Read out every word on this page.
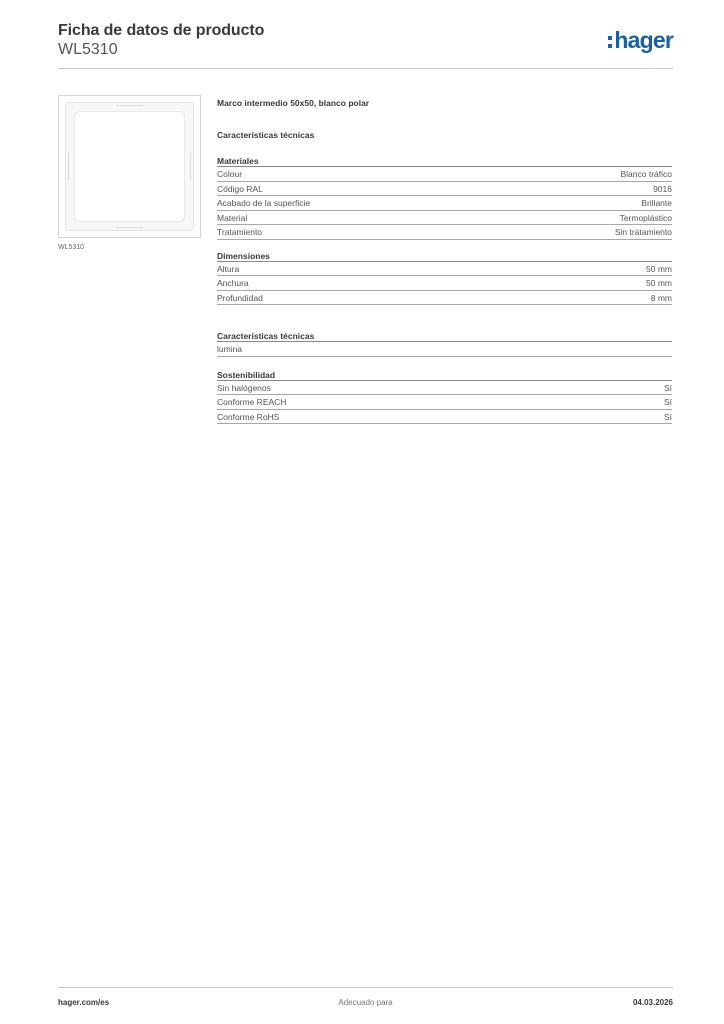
Ficha de datos de producto
WL5310	hager
WL5310
Marco intermedio 50x50, blanco polar
Características técnicas
Materiales
Colour	Blanco tráfico
Código RAL	9016
Acabado de la superficie	Brillante
Material	Termoplástico
Tratamiento	Sin tratamiento
Dimensiones
Altura	50 mm
Anchura	50 mm
Profundidad	8 mm
Características técnicas
lumina
Sostenibilidad
Sin halógenos	Sí
Conforme REACH	Sí
Conforme RoHS	Sí
Adecuado para
hager.com/es	04.03.2026
